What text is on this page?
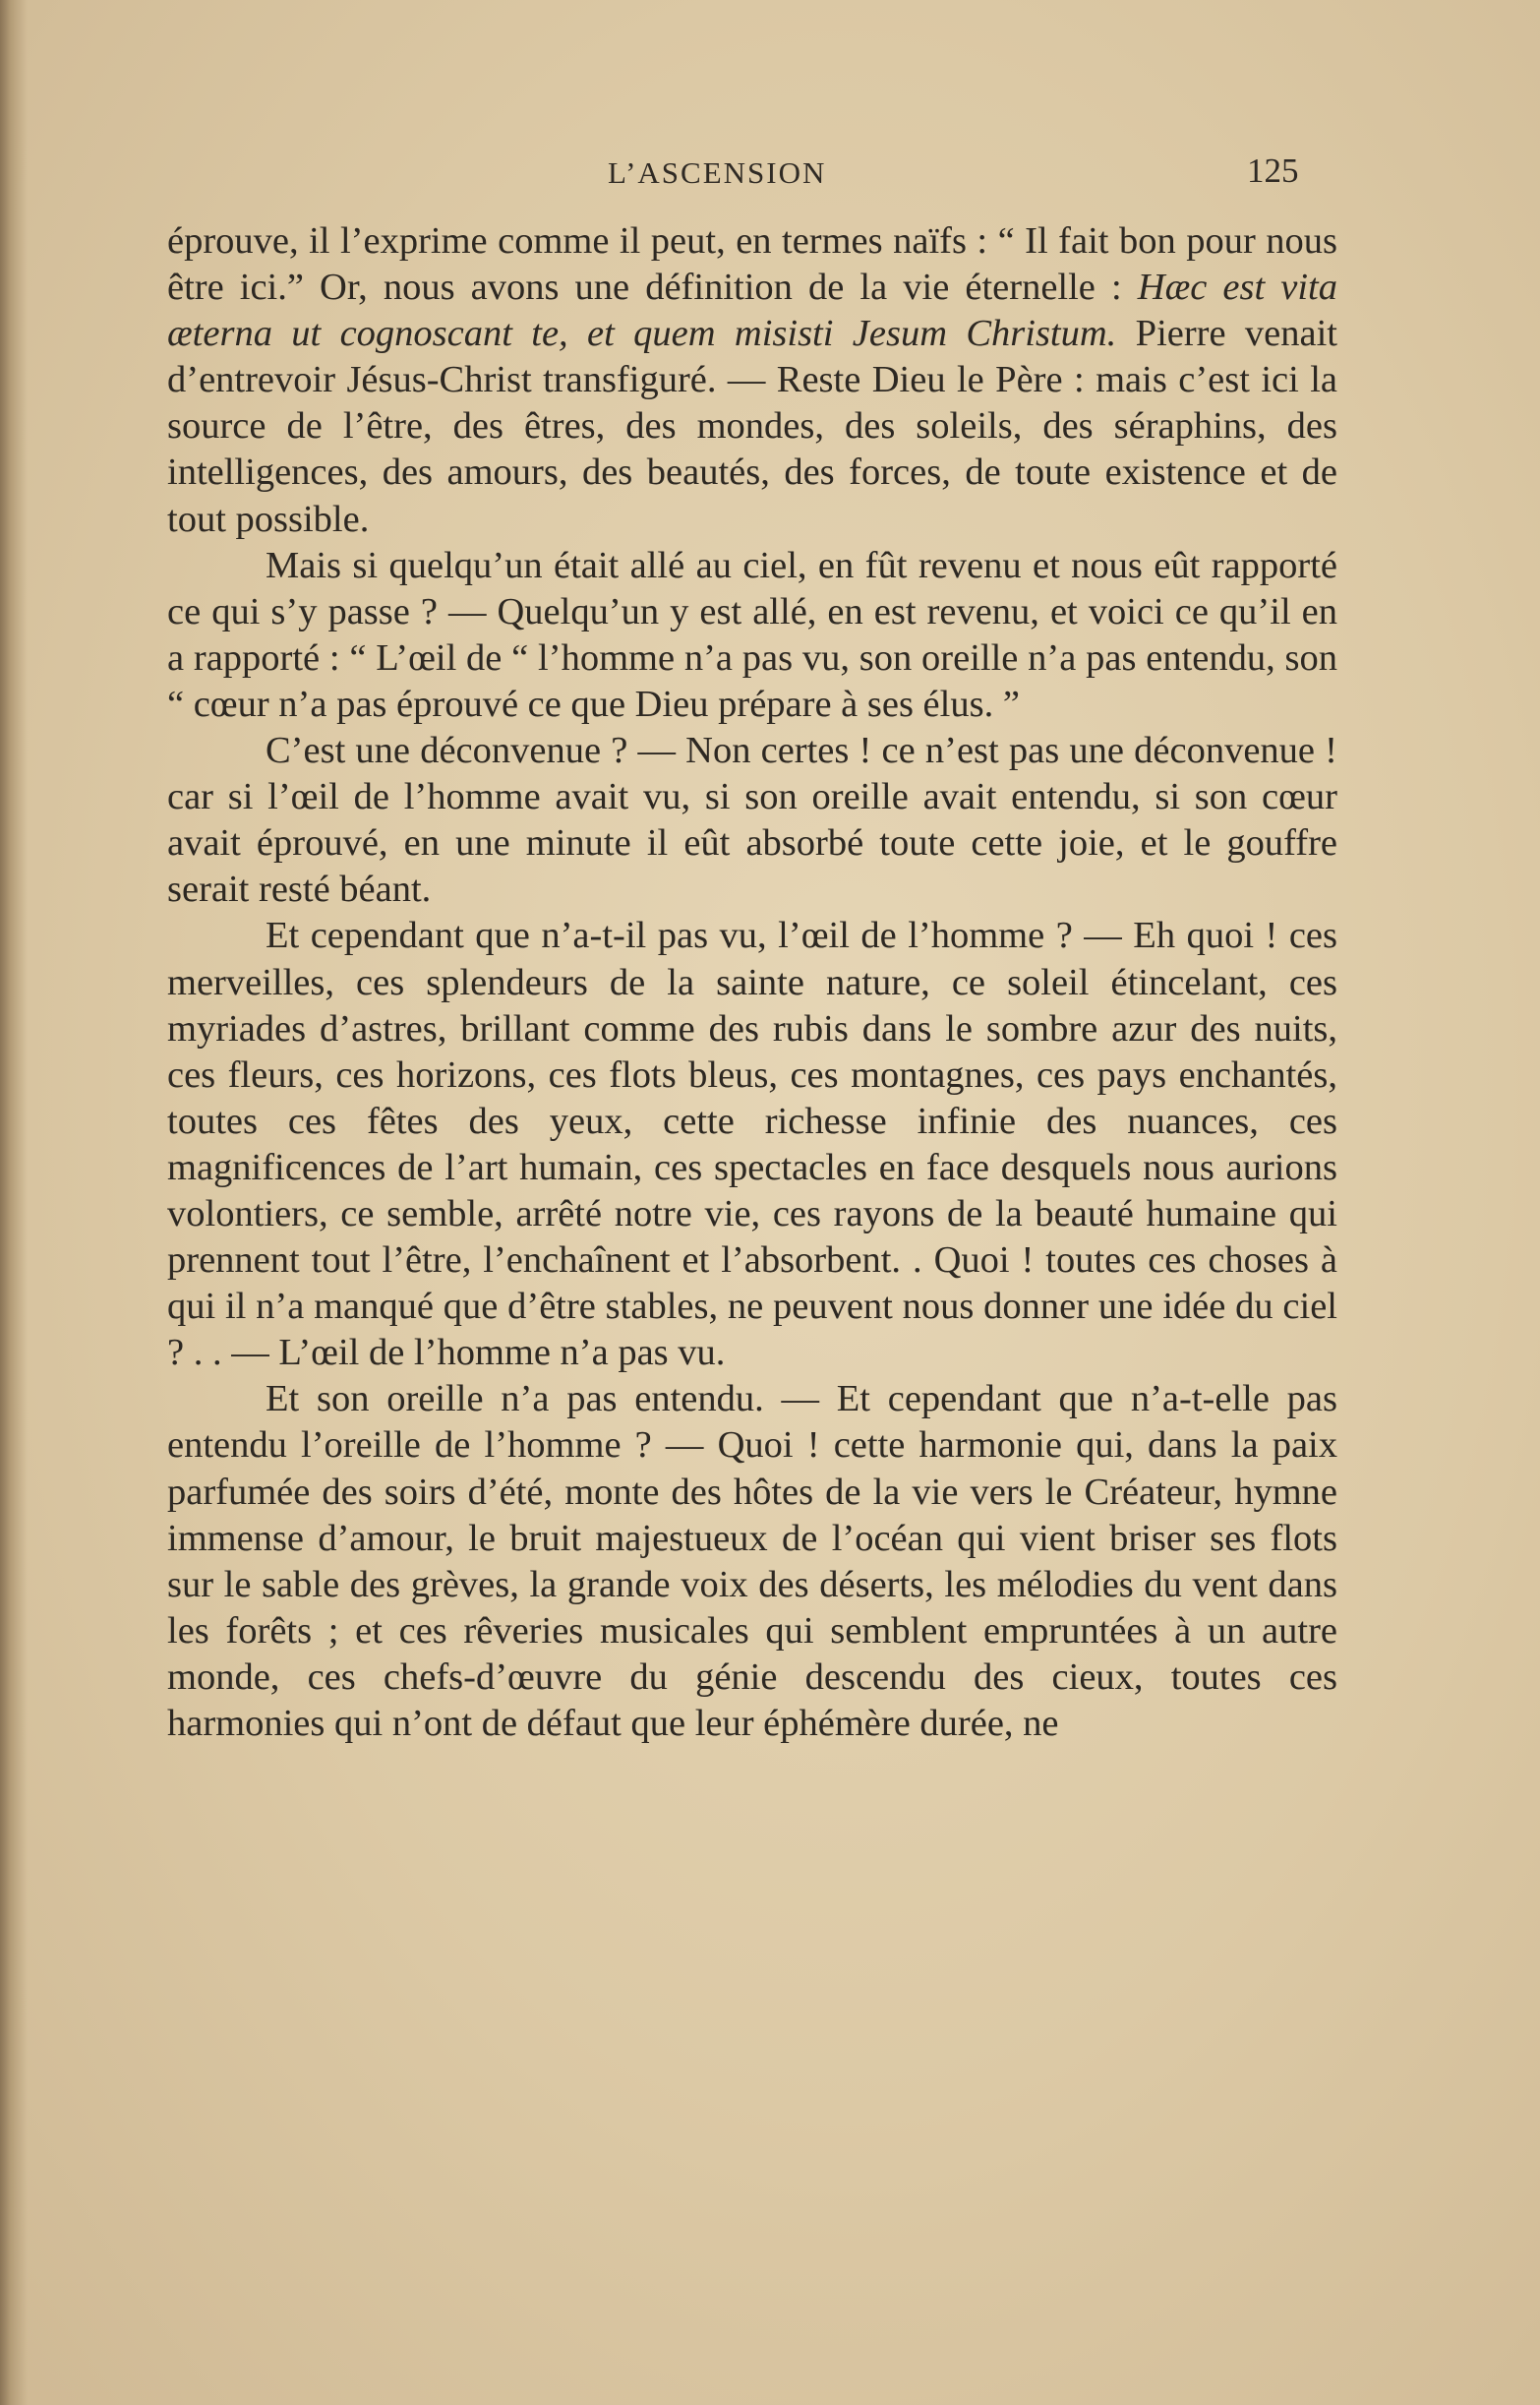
L’ASCENSION	125

éprouve, il l’exprime comme il peut, en termes naïfs : “ Il fait bon pour nous être ici.” Or, nous avons une définition de la vie éternelle : Hæc est vita æterna ut cognoscant te, et quem misisti Jesum Christum. Pierre venait d’entrevoir Jésus-Christ transfiguré. — Reste Dieu le Père : mais c’est ici la source de l’être, des êtres, des mondes, des soleils, des séraphins, des intelligences, des amours, des beautés, des forces, de toute existence et de tout possible.

Mais si quelqu’un était allé au ciel, en fût revenu et nous eût rapporté ce qui s’y passe ? — Quelqu’un y est allé, en est revenu, et voici ce qu’il en a rapporté : “ L’œil de “ l’homme n’a pas vu, son oreille n’a pas entendu, son “ cœur n’a pas éprouvé ce que Dieu prépare à ses élus. ”

C’est une déconvenue ? — Non certes ! ce n’est pas une déconvenue ! car si l’œil de l’homme avait vu, si son oreille avait entendu, si son cœur avait éprouvé, en une minute il eût absorbé toute cette joie, et le gouffre serait resté béant.

Et cependant que n’a-t-il pas vu, l’œil de l’homme ? — Eh quoi ! ces merveilles, ces splendeurs de la sainte nature, ce soleil étincelant, ces myriades d’astres, brillant comme des rubis dans le sombre azur des nuits, ces fleurs, ces horizons, ces flots bleus, ces montagnes, ces pays enchantés, toutes ces fêtes des yeux, cette richesse infinie des nuances, ces magnificences de l’art humain, ces spectacles en face desquels nous aurions volontiers, ce semble, arrêté notre vie, ces rayons de la beauté humaine qui prennent tout l’être, l’enchaînent et l’absorbent. . Quoi ! toutes ces choses à qui il n’a manqué que d’être stables, ne peuvent nous donner une idée du ciel ? . . — L’œil de l’homme n’a pas vu.

Et son oreille n’a pas entendu. — Et cependant que n’a-t-elle pas entendu l’oreille de l’homme ? — Quoi ! cette harmonie qui, dans la paix parfumée des soirs d’été, monte des hôtes de la vie vers le Créateur, hymne immense d’amour, le bruit majestueux de l’océan qui vient briser ses flots sur le sable des grèves, la grande voix des déserts, les mélodies du vent dans les forêts ; et ces rêveries musicales qui semblent empruntées à un autre monde, ces chefs-d’œuvre du génie descendu des cieux, toutes ces harmonies qui n’ont de défaut que leur éphémère durée, ne
